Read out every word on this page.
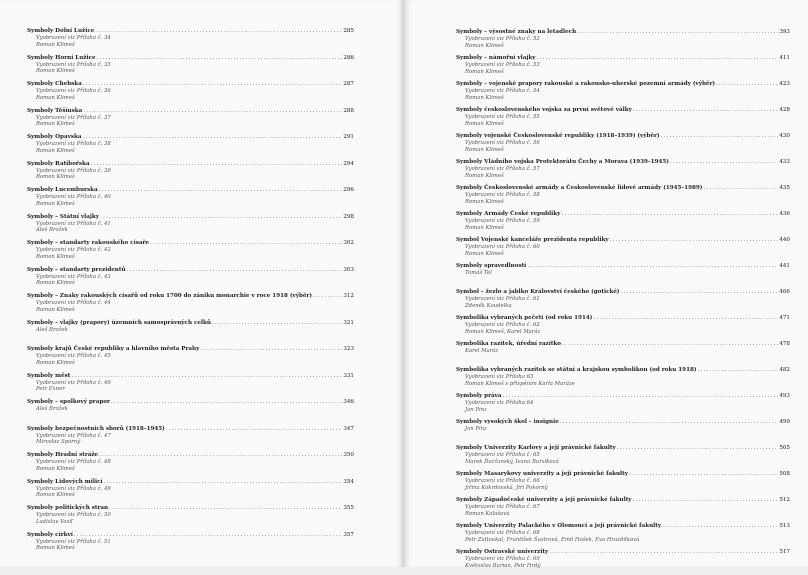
Symboly Dolní Lužice .....	285
Vyobrazení viz Příloha č. 34
Roman Klimeš
Symboly Horní Lužice .....	286
Vyobrazení viz Příloha č. 35
Roman Klimeš
Symboly Chebska .....	287
Vyobrazení viz Příloha č. 36
Roman Klimeš
Symboly Těšínska .....	288
Vyobrazení viz Příloha č. 37
Roman Klimeš
Symboly Opavska .....	291
Vyobrazení viz Příloha č. 38
Roman Klimeš
Symboly Ratibořska .....	294
Vyobrazení viz Příloha č. 39
Roman Klimeš
Symboly Lucemburska .....	296
Vyobrazení viz Příloha č. 40
Roman Klimeš
Symboly – Státní vlajky .....	298
Vyobrazení viz Příloha č. 41
Aleš Brožek
Symboly – standarty rakouského císaře .....	302
Vyobrazení viz Příloha č. 42
Roman Klimeš
Symboly – standarty prezidentů .....	303
Vyobrazení viz Příloha č. 43
Roman Klimeš
Symboly – Znaky rakouských císařů od roku 1700 do zániku monarchie v roce 1918 (výběr) .....	312
Vyobrazení viz Příloha č. 44
Roman Klimeš
Symboly – vlajky (prapory) územních samosprávných celků .....	321
Aleš Brožek
Symboly krajů České republiky a hlavního města Prahy .....	323
Vyobrazení viz Příloha č. 45
Roman Klimeš
Symboly měst .....	331
Vyobrazení viz Příloha č. 46
Petr Exner
Symboly – spolkový prapor .....	346
Aleš Brožek
Symboly bezpečnostních sborů (1918–1945) .....	347
Vyobrazení viz Příloha č. 47
Miroslav Sparný
Symboly Hradní stráže .....	350
Vyobrazení viz Příloha č. 48
Roman Klimeš
Symboly Lidových milicí .....	354
Vyobrazení viz Příloha č. 49
Roman Klimeš
Symboly politických stran .....	355
Vyobrazení viz Příloha č. 50
Ladislav Vasiľ
Symboly církví .....	357
Vyobrazení viz Příloha č. 51
Roman Klimeš
Symboly – výsostné znaky na letadlech .....	393
Vyobrazení viz Příloha č. 52
Roman Klimeš
Symboly – námořní vlajky .....	411
Vyobrazení viz Příloha č. 53
Roman Klimeš
Symboly – vojenské prapory rakouské a rakousko-uherské pozemní armády (výběr) .....	423
Vyobrazení viz Příloha č. 54
Roman Klimeš
Symboly československého vojska za první světové války .....	428
Vyobrazení viz Příloha č. 55
Roman Klimeš
Symboly vojenské Československé republiky (1918–1939) (výběr) .....	430
Vyobrazení viz Příloha č. 56
Roman Klimeš
Symboly Vládního vojska Protektorátu Čechy a Morava (1939–1945) .....	433
Vyobrazení viz Příloha č. 57
Roman Klimeš
Symboly Československé armády a Československé lidové armády (1945–1989) .....	435
Vyobrazení viz Příloha č. 58
Roman Klimeš
Symboly Armády České republiky .....	436
Vyobrazení viz Příloha č. 59
Roman Klimeš
Symbol Vojenské kanceláře prezidenta republiky .....	440
Vyobrazení viz Příloha č. 60
Roman Klimeš
Symboly spravedlnosti .....	441
Tomáš Tel
Symbol – žezlo a jablko Království českého (gotické) .....	466
Vyobrazení viz Příloha č. 61
Zdeněk Koudelka
Symbolika vybraných pečetí (od roku 1914) .....	471
Vyobrazení viz Příloha č. 62
Roman Klimeš, Karel Maráz
Symbolika razítek, úřední razítko .....	478
Karel Maráz
Symbolika vybraných razítek se státní a krajskou symbolikou (od roku 1918) .....	482
Vyobrazení viz Příloha 63
Roman Klimeš s přispěním Karla Maráze
Symboly práva .....	493
Vyobrazení viz Příloha 64
Jan Pinz
Symboly vysokých škol – insignie .....	499
Jan Pinz
Symboly Univerzity Karlovy a její právnické fakulty .....	505
Vyobrazení viz Příloha č. 65
Marek Ďurčanský, Ivana Bursíková
Symboly Masarykovy univerzity a její právnické fakulty .....	508
Vyobrazení viz Příloha č. 66
Jiřina Kokrdovská, Jiří Pokorný
Symboly Západočeské univerzity a její právnické fakulty .....	512
Vyobrazení viz Příloha č. 67
Roman Kalašová
Symboly Univerzity Palackého v Olomouci a její právnické fakulty .....	513
Vyobrazení viz Příloha č. 68
Petr Zatloukal, František Šustrová, Emil Hošek, Eva Hrazdílková
Symboly Ostravské univerzity .....	517
Vyobrazení viz Příloha č. 69
Květoslav Burian, Petr Hrdý
